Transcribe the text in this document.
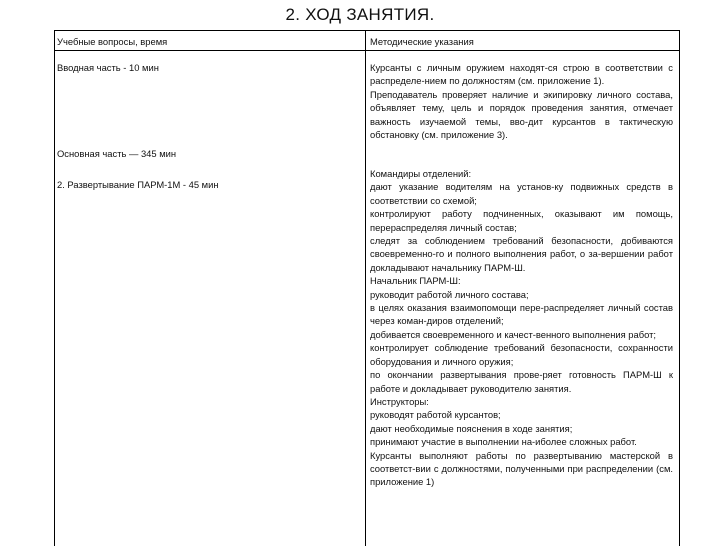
2. ХОД ЗАНЯТИЯ.
Учебные вопросы, время	Методические указания
Вводная часть - 10 мин
Основная часть — 345 мин
2. Развертывание ПАРМ-1М - 45 мин

Курсанты с личным оружием находят-ся строю в соответствии с распределе-нием по должностям (см. приложение 1).

Преподаватель проверяет наличие и экипировку личного состава, объявляет тему, цель и порядок проведения занятия, отмечает важность изучаемой темы, вво-дит курсантов в тактическую обстановку (см. приложение 3).

Командиры отделений:

дают указание водителям на установ-ку подвижных средств в соответствии со схемой;

контролируют работу подчиненных, оказывают им помощь, перераспределяя личный состав;

следят за соблюдением требований безопасности, добиваются своевременно-го и полного выполнения работ, о за-вершении работ докладывают начальнику ПАРМ-Ш.

Начальник ПАРМ-Ш:

руководит работой личного состава;

в целях оказания взаимопомощи пере-распределяет личный состав через коман-диров отделений;

добивается своевременного и качест-венного выполнения работ;

контролирует соблюдение требований безопасности, сохранности оборудования и личного оружия;

по окончании развертывания прове-ряет готовность ПАРМ-Ш к работе и докладывает руководителю занятия.

Инструкторы:

руководят работой курсантов;

дают необходимые пояснения в ходе занятия;

принимают участие в выполнении на-иболее сложных работ.

Курсанты выполняют работы по развертыванию мастерской в соответст-вии с должностями, полученными при распределении (см. приложение 1)
